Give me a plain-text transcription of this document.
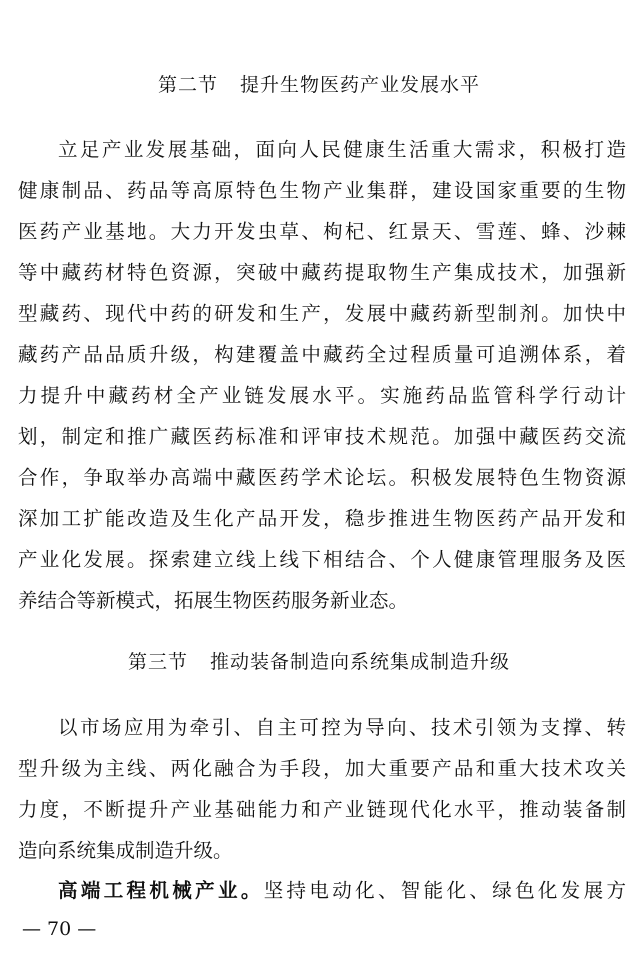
第二节 提升生物医药产业发展水平
立足产业发展基础，面向人民健康生活重大需求，积极打造
健康制品、药品等高原特色生物产业集群，建设国家重要的生物
医药产业基地。大力开发虫草、枸杞、红景天、雪莲、蜂、沙棘
等中藏药材特色资源，突破中藏药提取物生产集成技术，加强新
型藏药、现代中药的研发和生产，发展中藏药新型制剂。加快中
藏药产品品质升级，构建覆盖中藏药全过程质量可追溯体系，着
力提升中藏药材全产业链发展水平。实施药品监管科学行动计
划，制定和推广藏医药标准和评审技术规范。加强中藏医药交流
合作，争取举办高端中藏医药学术论坛。积极发展特色生物资源
深加工扩能改造及生化产品开发，稳步推进生物医药产品开发和
产业化发展。探索建立线上线下相结合、个人健康管理服务及医
养结合等新模式，拓展生物医药服务新业态。
第三节 推动装备制造向系统集成制造升级
以市场应用为牵引、自主可控为导向、技术引领为支撑、转
型升级为主线、两化融合为手段，加大重要产品和重大技术攻关
力度，不断提升产业基础能力和产业链现代化水平，推动装备制
造向系统集成制造升级。
高端工程机械产业。坚持电动化、智能化、绿色化发展方
— 70 —
